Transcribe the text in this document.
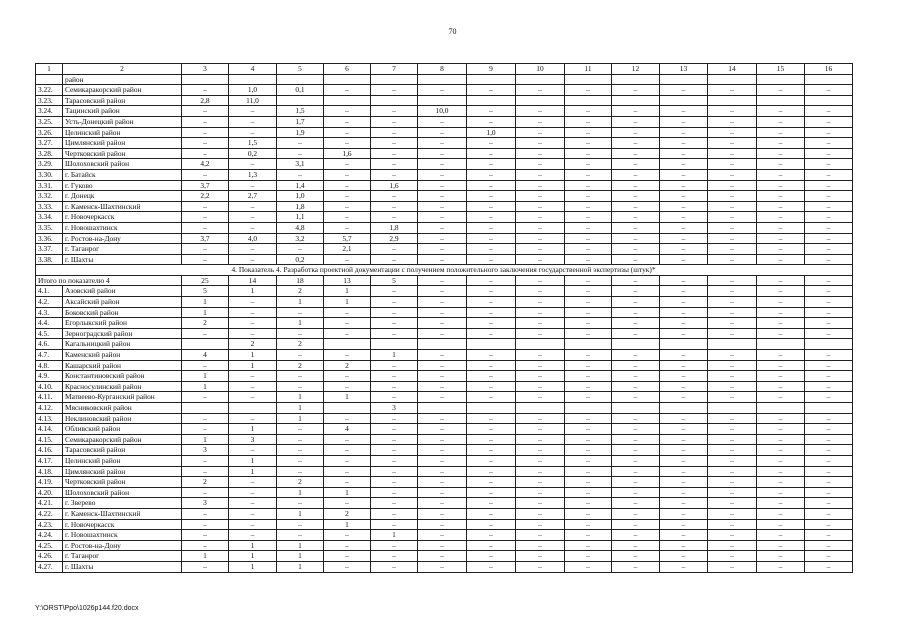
70
1	2	3	4	5	6	7	8	9	10	11	12	13	14	15	16
	район														
3.22.	Семикаракорский район	–	1,0	0,1	–	–	–	–	–	–	–	–	–	–	–
3.23.	Тарасовский район	2,8	11,0												
3.24.	Тацинский район	–	–	1,5	–	–	10,0	–	–	–	–	–	–	–	–
3.25.	Усть-Донецкий район	–	–	1,7	–	–	–	–	–	–	–	–	–	–	–
3.26.	Целинский район	–	–	1,9	–	–	–	1,0	–	–	–	–	–	–	–
3.27.	Цимлянский район	–	1,5	–	–	–	–	–	–	–	–	–	–	–	–
3.28.	Чертковский район	–	0,2	–	1,6	–	–	–	–	–	–	–	–	–	–
3.29.	Шолоховский район	4,2	–	3,1	–	–	–	–	–	–	–	–	–	–	–
3.30.	г. Батайск	–	1,3	–	–	–	–	–	–	–	–	–	–	–	–
3.31.	г. Гуково	3,7	–	1,4	–	1,6	–	–	–	–	–	–	–	–	–
3.32.	г. Донецк	2,2	2,7	1,0	–	–	–	–	–	–	–	–	–	–	–
3.33.	г. Каменск-Шахтинский	–	–	1,8	–	–	–	–	–	–	–	–	–	–	–
3.34.	г. Новочеркасск	–	–	1,1	–	–	–	–	–	–	–	–	–	–	–
3.35.	г. Новошахтинск	–	–	4,8	–	1,8	–	–	–	–	–	–	–	–	–
3.36.	г. Ростов-на-Дону	3,7	4,0	3,2	5,7	2,9	–	–	–	–	–	–	–	–	–
3.37.	г. Таганрог	–	–	–	2,1	–	–	–	–	–	–	–	–	–	–
3.38.	г. Шахты	–	–	0,2	–	–	–	–	–	–	–	–	–	–	–
4. Показатель 4. Разработка проектной документации с получением положительного заключения государственной экспертизы (штук)*															
Итого по показателю 4		25	14	18	13	5	–	–	–	–	–	–	–	–	–
4.1.	Азовский район	5	1	2	1	–	–	–	–	–	–	–	–	–	–
4.2.	Аксайский район	1	–	1	1	–	–	–	–	–	–	–	–	–	–
4.3.	Боковский район	1	–	–	–	–	–	–	–	–	–	–	–	–	–
4.4.	Егорлыкский район	2	–	1	–	–	–	–	–	–	–	–	–	–	–
4.5.	Зерноградский район	–	–	–	–	–	–	–	–	–	–	–	–	–	–
4.6.	Кагальницкий район		2	2											
4.7.	Каменский район	4	1	–	–	1	–	–	–	–	–	–	–	–	–
4.8.	Кашарский район	–	1	2	2	–	–	–	–	–	–	–	–	–	–
4.9.	Константиновский район	1	–	–	–	–	–	–	–	–	–	–	–	–	–
4.10.	Красносулинский район	1	–	–	–	–	–	–	–	–	–	–	–	–	–
4.11.	Матвеево-Курганский район	–	–	1	1	–	–	–	–	–	–	–	–	–	–
4.12.	Мясниковский район			1		3									
4.13.	Неклиновский район	–	–	1	–	–	–	–	–	–	–	–	–	–	–
4.14.	Обливский район	–	1	–	4	–	–	–	–	–	–	–	–	–	–
4.15.	Семикаракорский район	1	3	–	–	–	–	–	–	–	–	–	–	–	–
4.16.	Тарасовский район	3	–	–	–	–	–	–	–	–	–	–	–	–	–
4.17.	Целинский район	–	1	–	–	–	–	–	–	–	–	–	–	–	–
4.18.	Цимлянский район	–	1	–	–	–	–	–	–	–	–	–	–	–	–
4.19.	Чертковский район	2	–	2	–	–	–	–	–	–	–	–	–	–	–
4.20.	Шолоховский район	–	–	1	1	–	–	–	–	–	–	–	–	–	–
4.21.	г. Зверево	3	–	–	–	–	–	–	–	–	–	–	–	–	–
4.22.	г. Каменск-Шахтинский	–	–	1	2	–	–	–	–	–	–	–	–	–	–
4.23.	г. Новочеркасск	–	–	–	1	–	–	–	–	–	–	–	–	–	–
4.24.	г. Новошахтинск	–	–	–	–	1	–	–	–	–	–	–	–	–	–
4.25.	г. Ростов-на-Дону	–	1	1	–	–	–	–	–	–	–	–	–	–	–
4.26.	г. Таганрог	1	1	1	–	–	–	–	–	–	–	–	–	–	–
4.27.	г. Шахты	–	1	1	–	–	–	–	–	–	–	–	–	–	–
Y:\ORST\Ppo\1026p144.f20.docx
